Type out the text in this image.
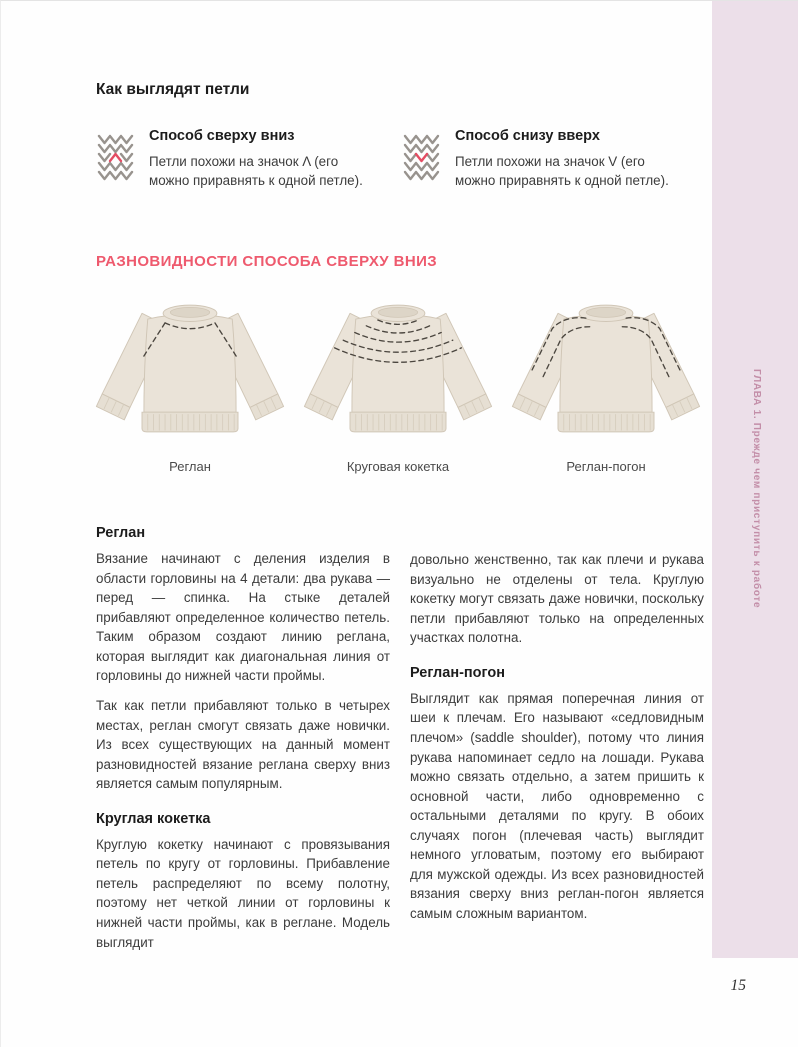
ГЛАВА 1. Прежде чем приступить к работе
Как выглядят петли
Способ сверху вниз
Петли похожи на значок Λ (его можно приравнять к одной петле).
Способ снизу вверх
Петли похожи на значок V (его можно приравнять к одной петле).
РАЗНОВИДНОСТИ СПОСОБА СВЕРХУ ВНИЗ
Реглан	Круговая кокетка	Реглан-погон
Реглан

Вязание начинают с деления изделия в области горловины на 4 детали: два рукава — перед — спинка. На стыке деталей прибавляют определенное количество петель. Таким образом создают линию реглана, которая выглядит как диагональная линия от горловины до нижней части проймы.

Так как петли прибавляют только в четырех местах, реглан смогут связать даже новички. Из всех существующих на данный момент разновидностей вязание реглана сверху вниз является самым популярным.

Круглая кокетка

Круглую кокетку начинают с провязывания петель по кругу от горловины. Прибавление петель распределяют по всему полотну, поэтому нет четкой линии от горловины к нижней части проймы, как в реглане. Модель выглядит

довольно женственно, так как плечи и рукава визуально не отделены от тела. Круглую кокетку могут связать даже новички, поскольку петли прибавляют только на определенных участках полотна.

Реглан-погон

Выглядит как прямая поперечная линия от шеи к плечам. Его называют «седловидным плечом» (saddle shoulder), потому что линия рукава напоминает седло на лошади. Рукава можно связать отдельно, а затем пришить к основной части, либо одновременно с остальными деталями по кругу. В обоих случаях погон (плечевая часть) выглядит немного угловатым, поэтому его выбирают для мужской одежды. Из всех разновидностей вязания сверху вниз реглан-погон является самым сложным вариантом.

15
